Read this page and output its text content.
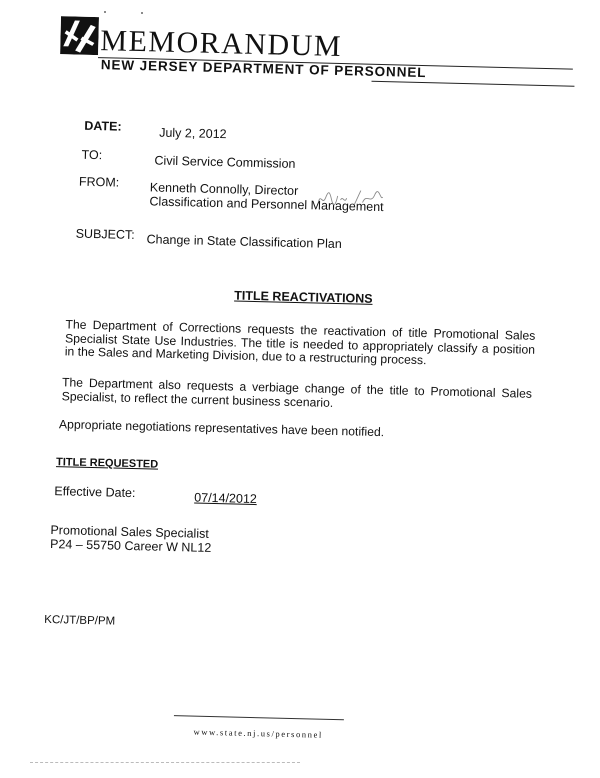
MEMORANDUM
NEW JERSEY DEPARTMENT OF PERSONNEL
DATE:	July 2, 2012
TO:	Civil Service Commission
FROM: Kenneth Connolly, Director
Classification and Personnel Management
SUBJECT: Change in State Classification Plan
TITLE REACTIVATIONS
The Department of Corrections requests the reactivation of title Promotional Sales Specialist State Use Industries. The title is needed to appropriately classify a position in the Sales and Marketing Division, due to a restructuring process.
The Department also requests a verbiage change of the title to Promotional Sales Specialist, to reflect the current business scenario.
Appropriate negotiations representatives have been notified.
TITLE REQUESTED
Effective Date:	07/14/2012
Promotional Sales Specialist
P24 – 55750 Career W NL12
KC/JT/BP/PM
www.state.nj.us/personnel
